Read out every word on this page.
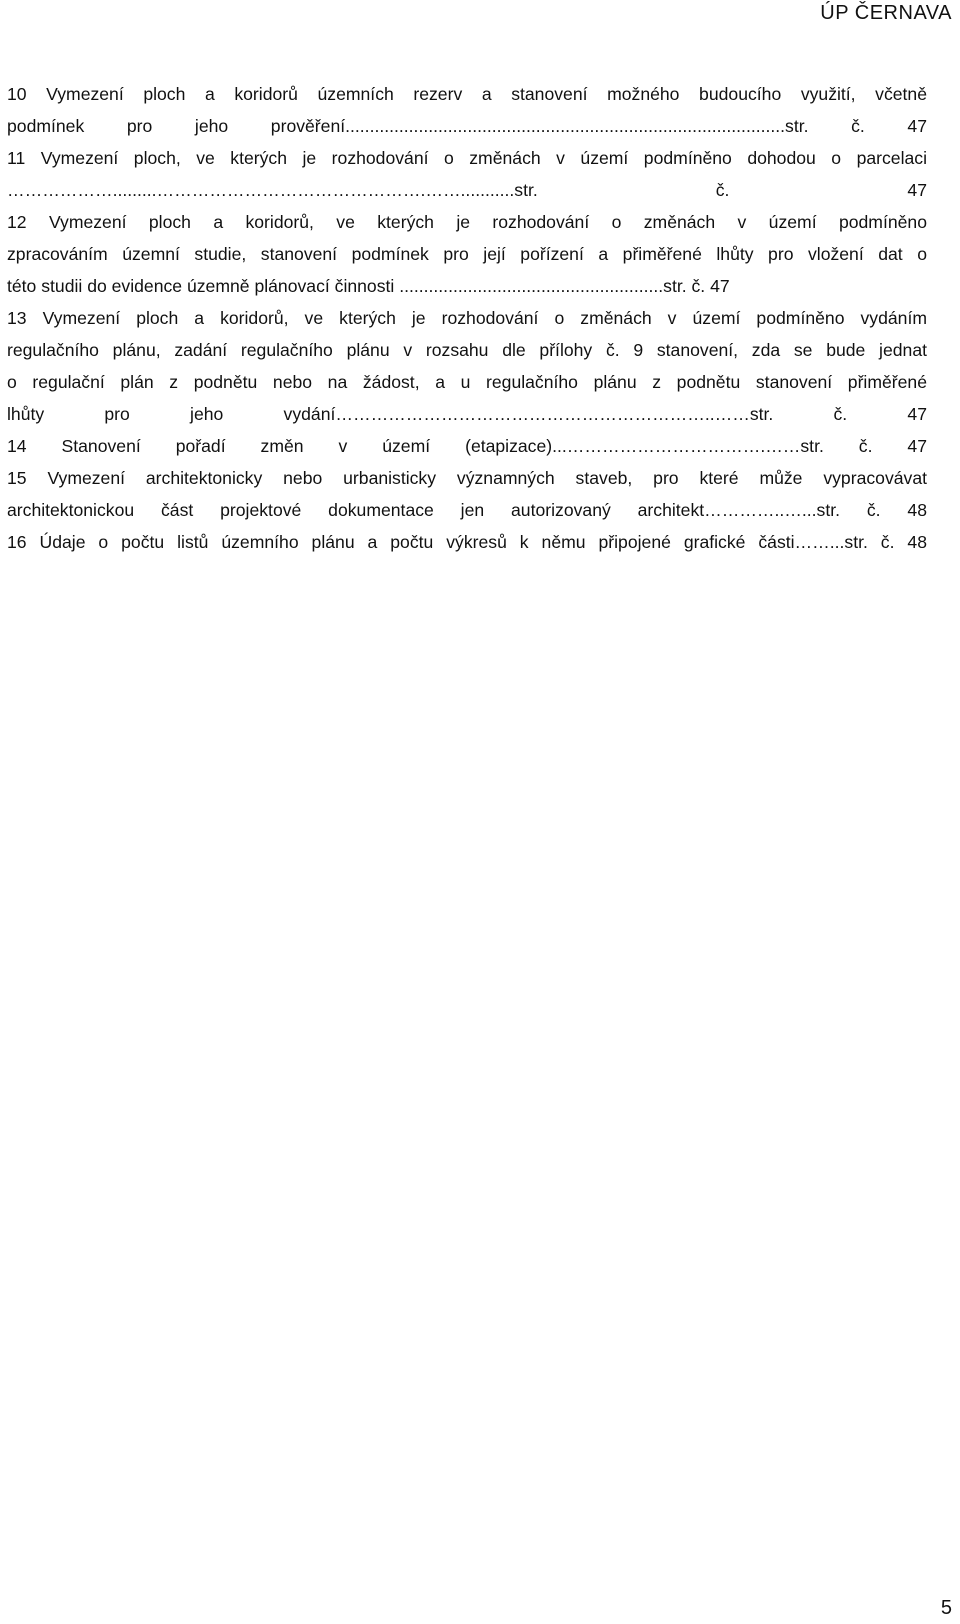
ÚP ČERNAVA
10 Vymezení ploch a koridorů územních rezerv a stanovení možného budoucího využití, včetně
podmínek pro jeho prověření..........................................................................................str. č. 47
11 Vymezení ploch, ve kterých je rozhodování o změnách v území podmíněno dohodou o parcelaci
……………….........……………………………………….……...........str. č. 47
12 Vymezení ploch a koridorů, ve kterých je rozhodování o změnách v území podmíněno
zpracováním územní studie, stanovení podmínek pro její pořízení a přiměřené lhůty pro vložení dat o
této studii do evidence územně plánovací činnosti ......................................................str. č. 47
13 Vymezení ploch a koridorů, ve kterých je rozhodování o změnách v území podmíněno vydáním
regulačního plánu, zadání regulačního plánu v rozsahu dle přílohy č. 9 stanovení, zda se bude jednat
o regulační plán z podnětu nebo na žádost, a u regulačního plánu z podnětu stanovení přiměřené
lhůty pro jeho vydání………………………………………………………..……str. č. 47
14 Stanovení pořadí změn v území (etapizace)...…………………………….……str. č. 47
15 Vymezení architektonicky nebo urbanisticky významných staveb, pro které může vypracovávat
architektonickou část projektové dokumentace jen autorizovaný architekt…………..…...str. č. 48
16 Údaje o počtu listů územního plánu a počtu výkresů k němu připojené grafické části……...str. č. 48
5
